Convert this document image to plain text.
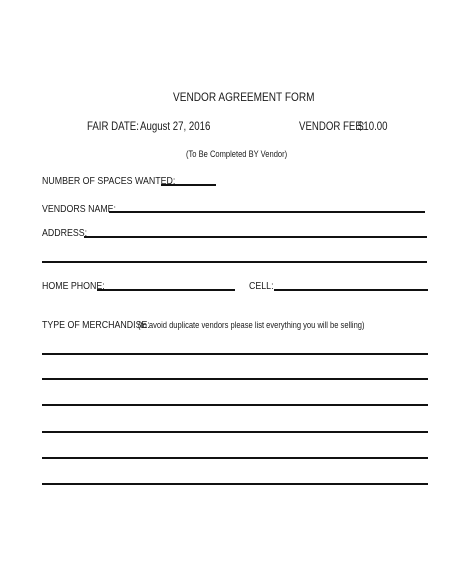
VENDOR AGREEMENT FORM
FAIR DATE: August 27, 2016	VENDOR FEE:
$10.00
(To Be Completed BY Vendor)
NUMBER OF SPACES WANTED:
VENDORS NAME:
ADDRESS:
HOME PHONE:	CELL:
TYPE OF MERCHANDISE:
(to avoid duplicate vendors please list everything you will be selling)
